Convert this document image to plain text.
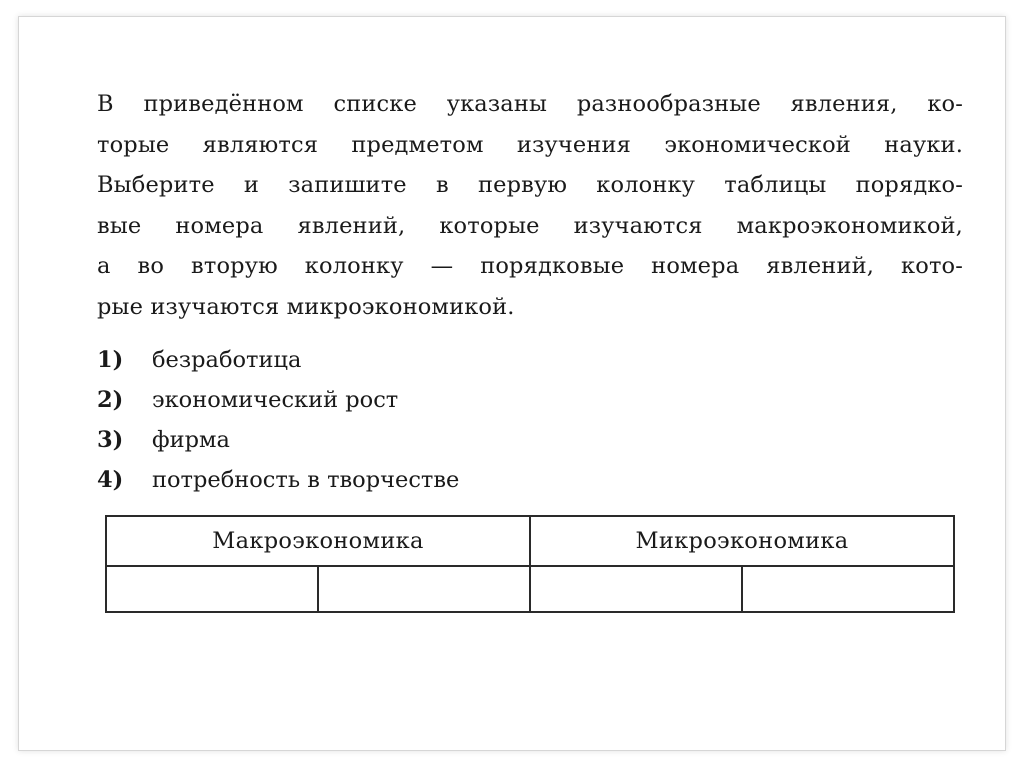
В приведённом списке указаны разнообразные явления, ко-
торые являются предметом изучения экономической науки.
Выберите и запишите в первую колонку таблицы порядко-
вые номера явлений, которые изучаются макроэкономикой,
а во вторую колонку — порядковые номера явлений, кото-
рые изучаются микроэкономикой.
1)	безработица
2)	экономический рост
3)	фирма
4)	потребность в творчестве
Макроэкономика		Микроэкономика	
